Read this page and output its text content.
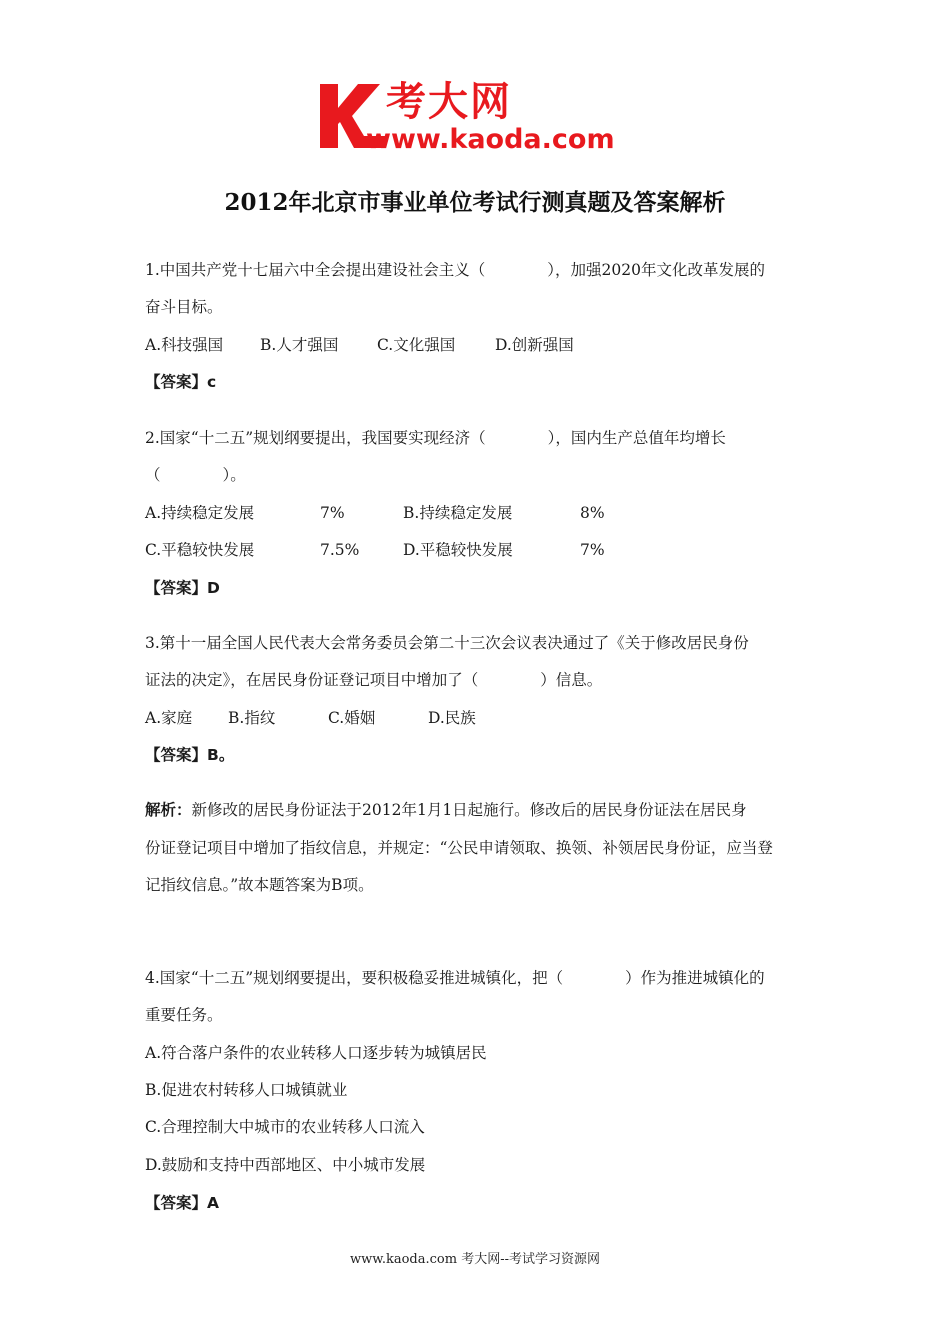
考大网
www.kaoda.com
2012年北京市事业单位考试行测真题及答案解析
1.中国共产党十七届六中全会提出建设社会主义（　　　　），加强2020年文化改革发展的
奋斗目标。
A.科技强国 B.人才强国 C.文化强国	D.创新强国
【答案】c
2.国家“十二五”规划纲要提出，我国要实现经济（　　　　），国内生产总值年均增长
（　　　　）。
A.持续稳定发展	7%	B.持续稳定发展	8%
C.平稳较快发展	7.5%	D.平稳较快发展	7%
【答案】D
3.第十一届全国人民代表大会常务委员会第二十三次会议表决通过了《关于修改居民身份
证法的决定》，在居民身份证登记项目中增加了（　　　　）信息。
A.家庭 B.指纹	C.婚姻	D.民族
【答案】B。
解析：新修改的居民身份证法于2012年1月1日起施行。修改后的居民身份证法在居民身
份证登记项目中增加了指纹信息，并规定：“公民申请领取、换领、补领居民身份证，应当登
记指纹信息。”故本题答案为B项。
4.国家“十二五”规划纲要提出，要积极稳妥推进城镇化，把（　　　　）作为推进城镇化的
重要任务。
A.符合落户条件的农业转移人口逐步转为城镇居民
B.促进农村转移人口城镇就业
C.合理控制大中城市的农业转移人口流入
D.鼓励和支持中西部地区、中小城市发展
【答案】A
www.kaoda.com 考大网--考试学习资源网
